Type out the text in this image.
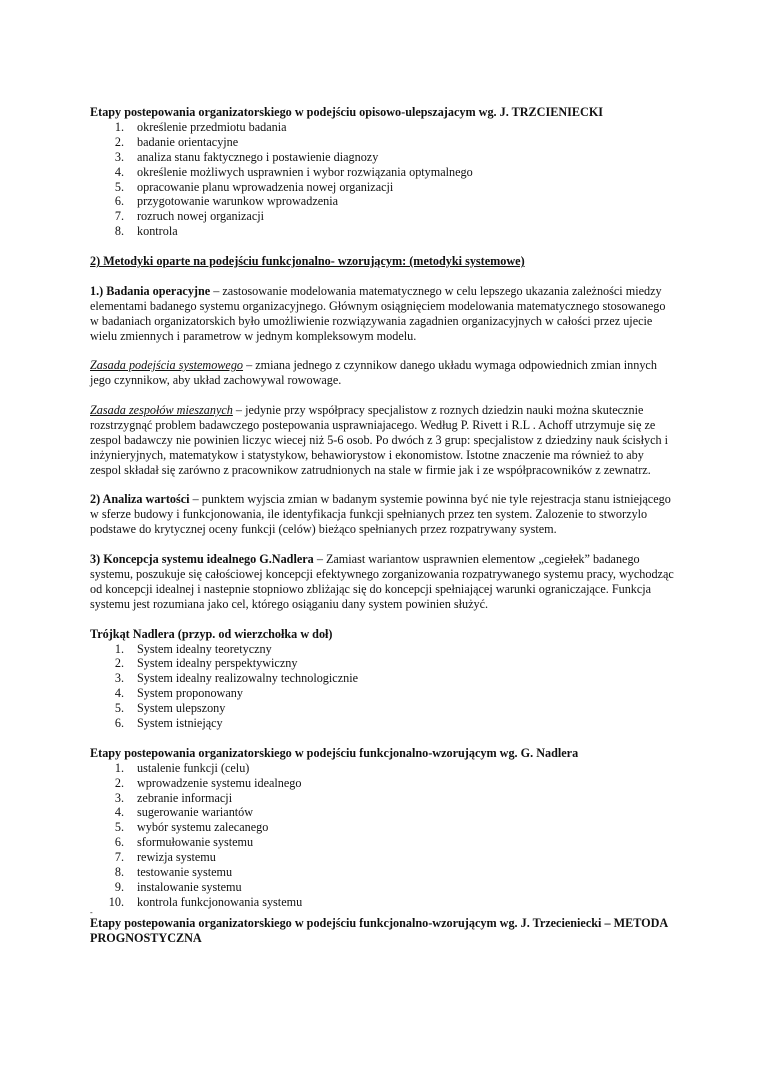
Etapy postepowania organizatorskiego w podejściu opisowo-ulepszajacym wg. J. TRZCIENIECKI

1. określenie przedmiotu badania
2. badanie orientacyjne
3. analiza stanu faktycznego i postawienie diagnozy
4. określenie możliwych usprawnien i wybor rozwiązania optymalnego
5. opracowanie planu wprowadzenia nowej organizacji
6. przygotowanie warunkow wprowadzenia
7. rozruch nowej organizacji
8. kontrola

2) Metodyki oparte na podejściu funkcjonalno- wzorującym: (metodyki systemowe)

1.) Badania operacyjne – zastosowanie modelowania matematycznego w celu lepszego ukazania zależności miedzy elementami badanego systemu organizacyjnego. Głównym osiągnięciem modelowania matematycznego stosowanego w badaniach organizatorskich było umożliwienie rozwiązywania zagadnien organizacyjnych w całości przez ujecie wielu zmiennych i parametrow w jednym kompleksowym modelu.

Zasada podejścia systemowego – zmiana jednego z czynnikow danego układu wymaga odpowiednich zmian innych jego czynnikow, aby układ zachowywal rowowage.

Zasada zespołów mieszanych – jedynie przy współpracy specjalistow z roznych dziedzin nauki można skutecznie rozstrzygnąć problem badawczego postepowania usprawniajacego. Według P. Rivett i R.L . Achoff utrzymuje się ze zespol badawczy nie powinien liczyc wiecej niż 5-6 osob. Po dwóch z 3 grup: specjalistow z dziedziny nauk ścisłych i inżynieryjnych, matematykow i statystykow, behawiorystow i ekonomistow. Istotne znaczenie ma również to aby zespol składał się zarówno z pracownikow zatrudnionych na stale w firmie jak i ze współpracowników z zewnatrz.

2) Analiza wartości – punktem wyjscia zmian w badanym systemie powinna być nie tyle rejestracja stanu istniejącego w sferze budowy i funkcjonowania, ile identyfikacja funkcji spełnianych przez ten system. Zalozenie to stworzylo podstawe do krytycznej oceny funkcji (celów) bieżąco spełnianych przez rozpatrywany system.

3) Koncepcja systemu idealnego G.Nadlera – Zamiast wariantow usprawnien elementow „cegiełek” badanego systemu, poszukuje się całościowej koncepcji efektywnego zorganizowania rozpatrywanego systemu pracy, wychodząc od koncepcji idealnej i nastepnie stopniowo zbliżając się do koncepcji spełniającej warunki ograniczające. Funkcja systemu jest rozumiana jako cel, którego osiąganiu dany system powinien służyć.

Trójkąt Nadlera (przyp. od wierzchołka w doł)

1. System idealny teoretyczny
2. System idealny perspektywiczny
3. System idealny realizowalny technologicznie
4. System proponowany
5. System ulepszony
6. System istniejący

Etapy postepowania organizatorskiego w podejściu funkcjonalno-wzorującym wg. G. Nadlera

1. ustalenie funkcji (celu)
2. wprowadzenie systemu idealnego
3. zebranie informacji
4. sugerowanie wariantów
5. wybór systemu zalecanego
6. sformułowanie systemu
7. rewizja systemu
8. testowanie systemu
9. instalowanie systemu
10. kontrola funkcjonowania systemu

-

Etapy postepowania organizatorskiego w podejściu funkcjonalno-wzorującym wg. J. Trzecieniecki – METODA PROGNOSTYCZNA
